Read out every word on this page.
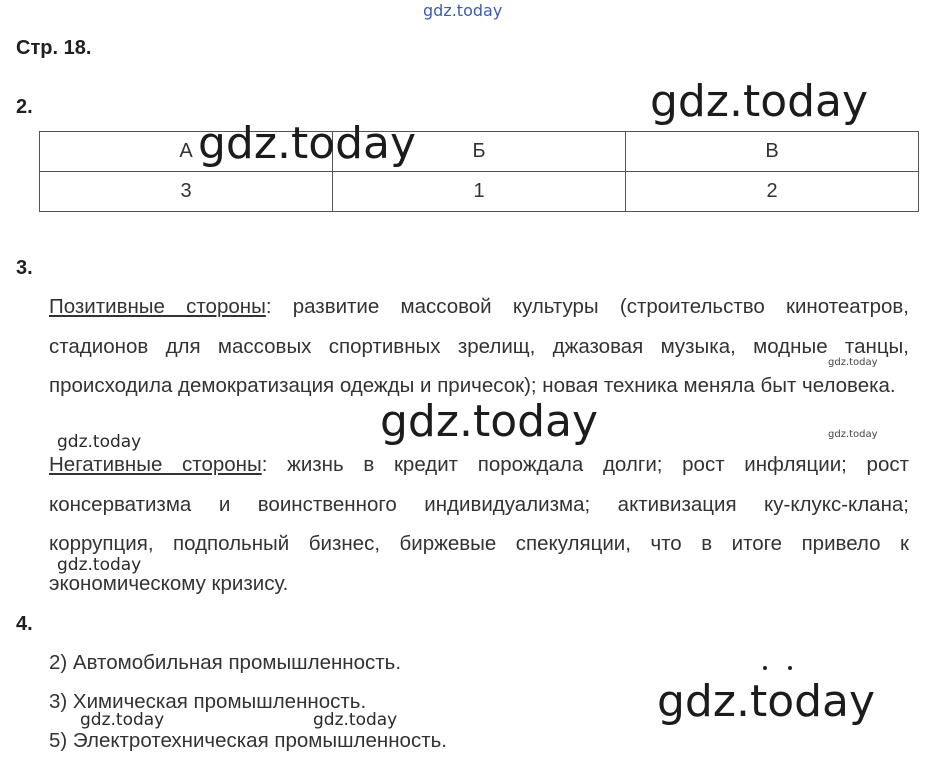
gdz.today
Стр. 18.
2.	gdz.today
А	Б	В
3	1	2
gdz.today
3.
Позитивные стороны: развитие массовой культуры (строительство кинотеатров, стадионов для массовых спортивных зрелищ, джазовая музыка, модные танцы, происходила демократизация одежды и причесок); новая техника меняла быт человека.
Негативные стороны: жизнь в кредит порождала долги; рост инфляции; рост консерватизма и воинственного индивидуализма; активизация ку-клукс-клана; коррупция, подпольный бизнес, биржевые спекуляции, что в итоге привело к экономическому кризису.
gdz.today
gdz.today
gdz.today
gdz.today
gdz.today
4.
2) Автомобильная промышленность.
3) Химическая промышленность.
5) Электротехническая промышленность.
gdz.today
gdz.today	gdz.today
